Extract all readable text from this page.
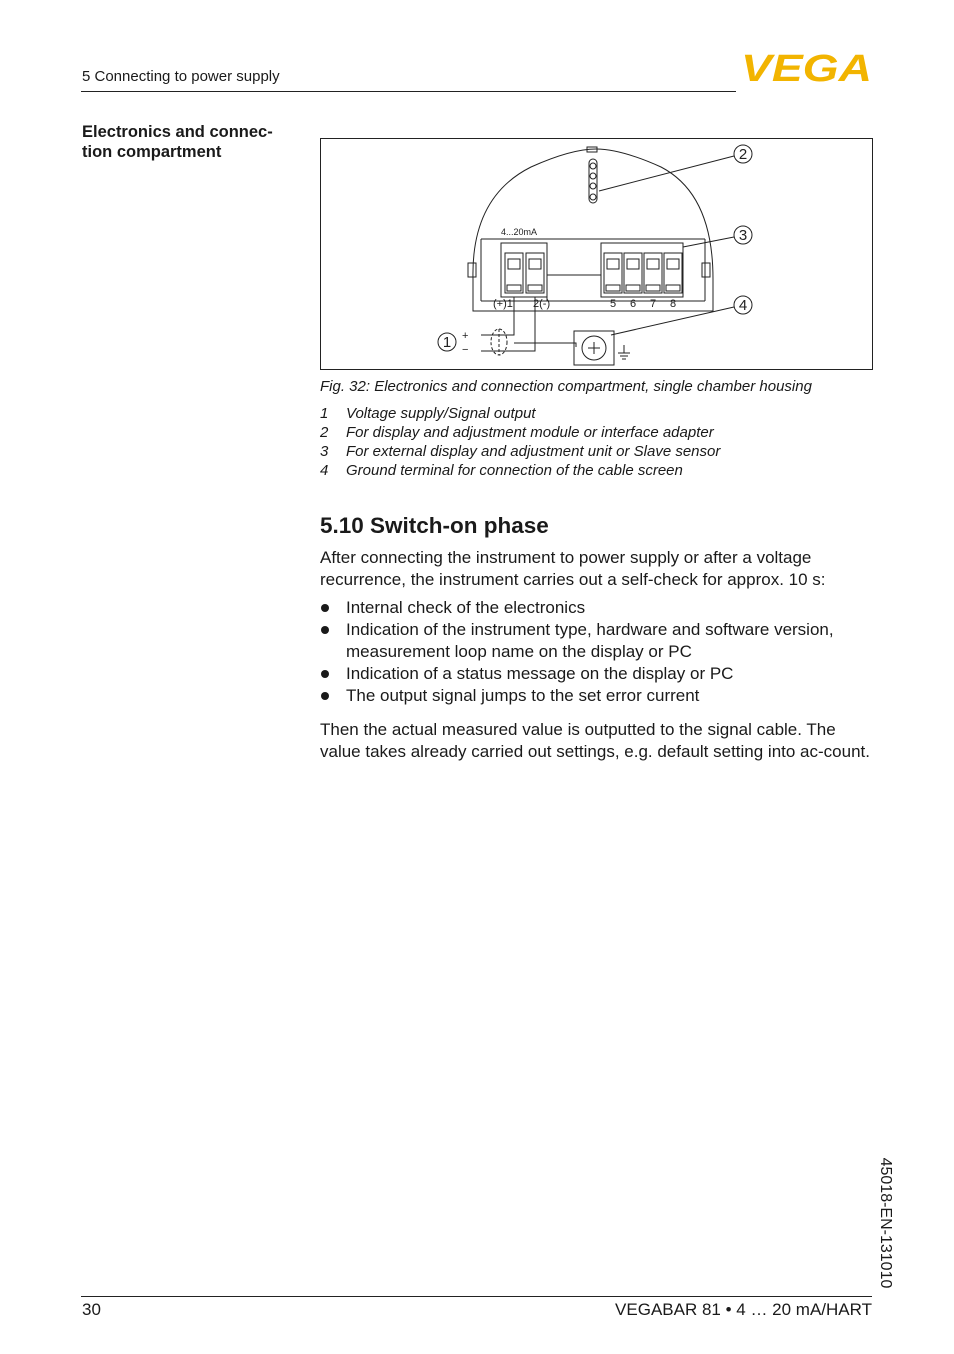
5 Connecting to power supply	VEGA
Electronics and connec-
tion compartment	2
3
4
1
4...20mA
(+)1 2(-)	5 6 7 8
+
−
Fig. 32: Electronics and connection compartment, single chamber housing
1	Voltage supply/Signal output
2	For display and adjustment module or interface adapter
3	For external display and adjustment unit or Slave sensor
4	Ground terminal for connection of the cable screen
5.10 Switch-on phase
After connecting the instrument to power supply or after a voltage recurrence, the instrument carries out a self-check for approx. 10 s:
Internal check of the electronics
Indication of the instrument type, hardware and software version, measurement loop name on the display or PC
Indication of a status message on the display or PC
The output signal jumps to the set error current
Then the actual measured value is outputted to the signal cable. The value takes already carried out settings, e.g. default setting into ac-count.
45018-EN-131010
30	VEGABAR 81 • 4 … 20 mA/HART
